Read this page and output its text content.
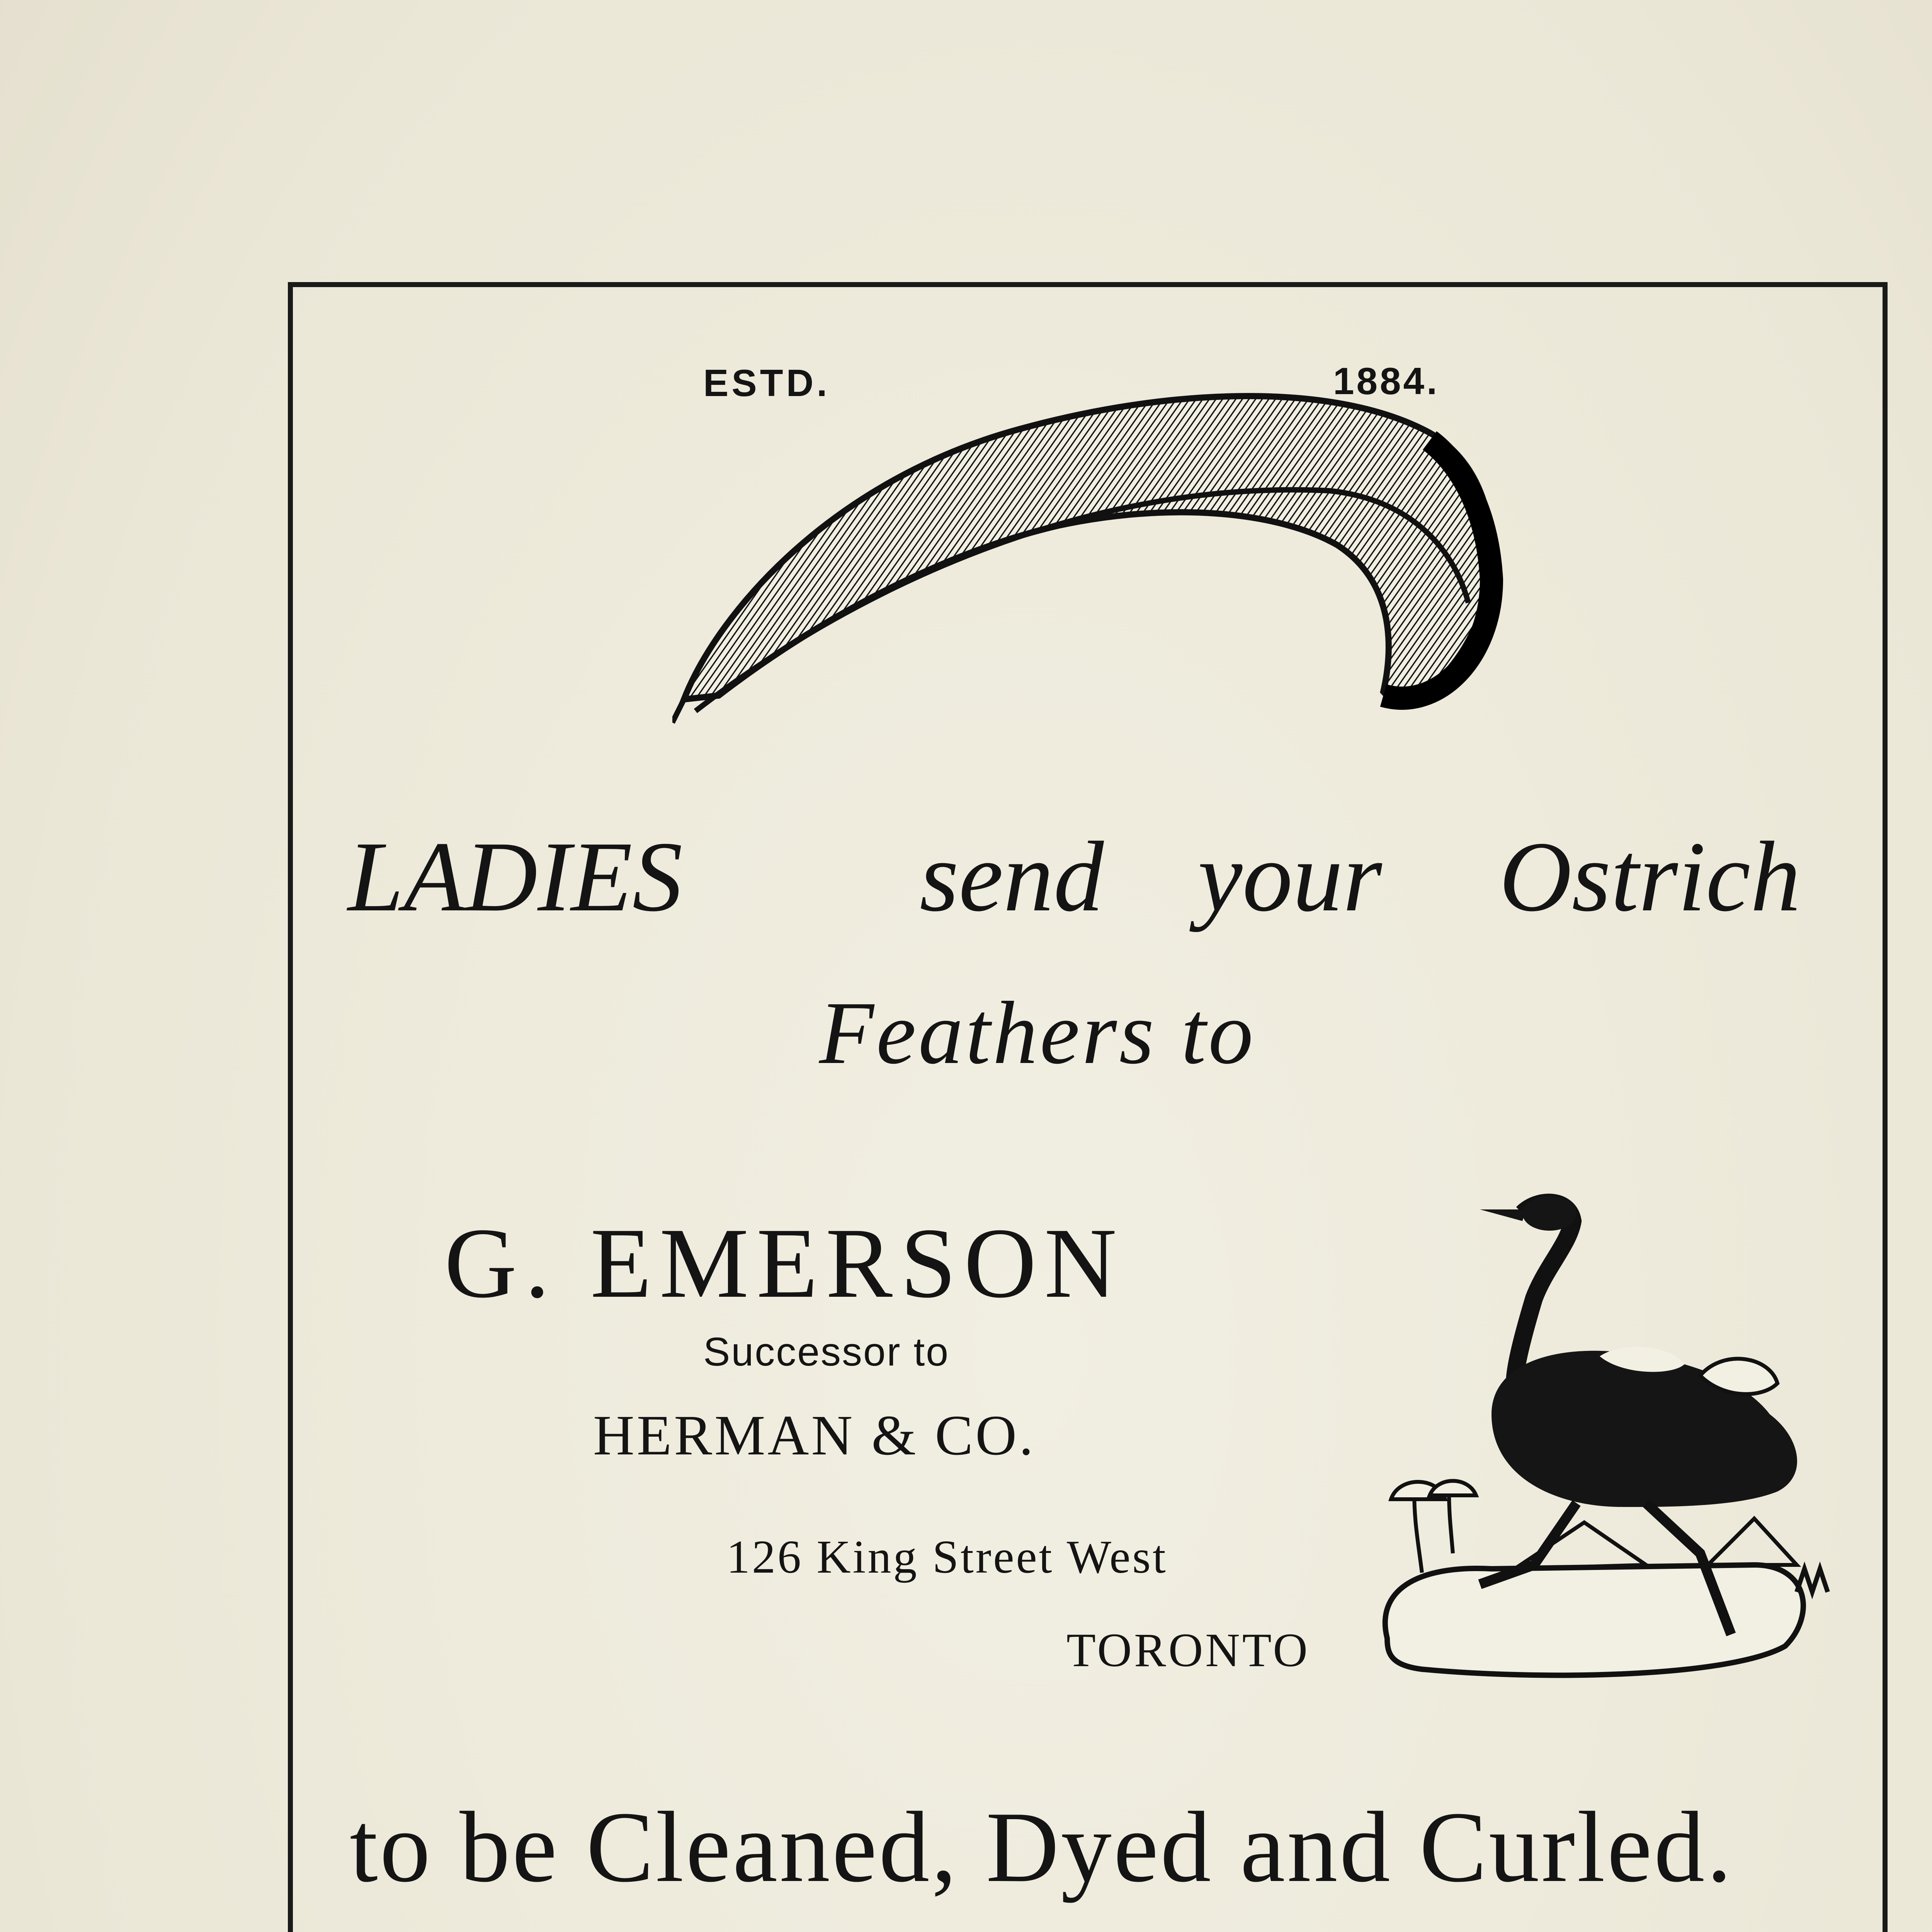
ESTD.	1884.
LADIES send your Ostrich
Feathers to
G. EMERSON
Successor to
HERMAN & CO.
126 King Street West
TORONTO
to be Cleaned, Dyed and Curled.
